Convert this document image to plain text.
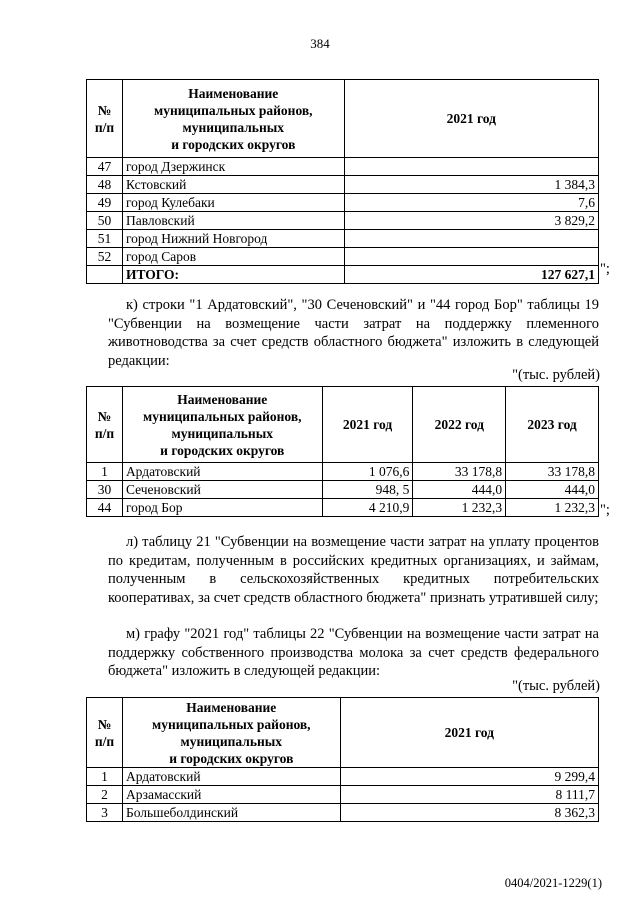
384
№
п/п	Наименование
муниципальных районов,
муниципальных
и городских округов	2021 год
47	город Дзержинск	
48	Кстовский	1 384,3
49	город Кулебаки	7,6
50	Павловский	3 829,2
51	город Нижний Новгород	
52	город Саров	
	ИТОГО:	127 627,1 ";
к) строки "1 Ардатовский", "30 Сеченовский" и "44 город Бор" таблицы 19 "Субвенции на возмещение части затрат на поддержку племенного животноводства за счет средств областного бюджета" изложить в следующей редакции:
"(тыс. рублей)
№
п/п	Наименование
муниципальных районов,
муниципальных
и городских округов	2021 год	2022 год	2023 год
1	Ардатовский	1 076,6	33 178,8	33 178,8
30	Сеченовский	948, 5	444,0	444,0
44	город Бор	4 210,9	1 232,3	1 232,3 ";
л) таблицу 21 "Субвенции на возмещение части затрат на уплату процентов по кредитам, полученным в российских кредитных организациях, и займам, полученным в сельскохозяйственных кредитных потребительских кооперативах, за счет средств областного бюджета" признать утратившей силу;
м) графу "2021 год" таблицы 22 "Субвенции на возмещение части затрат на поддержку собственного производства молока за счет средств федерального бюджета" изложить в следующей редакции:
"(тыс. рублей)
№
п/п	Наименование
муниципальных районов,
муниципальных
и городских округов	2021 год
1	Ардатовский	9 299,4
2	Арзамасский	8 111,7
3	Большеболдинский	8 362,3
0404/2021-1229(1)
